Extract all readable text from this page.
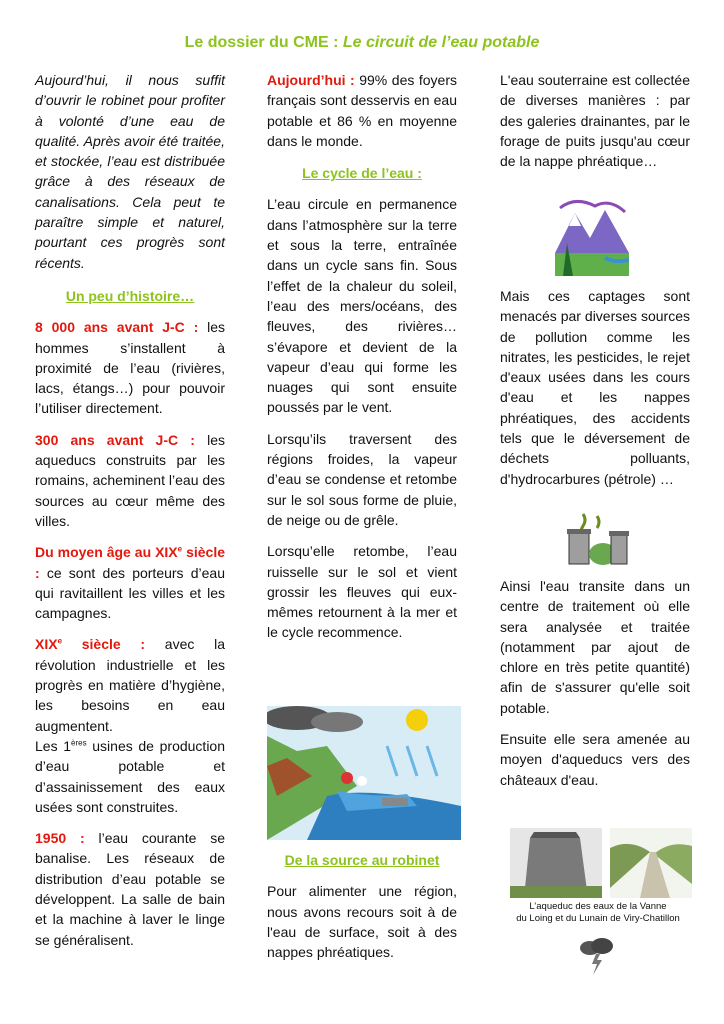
Le dossier du CME : Le circuit de l’eau potable

Aujourd’hui, il nous suffit d’ouvrir le robinet pour profiter à volonté d’une eau de qualité. Après avoir été traitée, et stockée, l’eau est distribuée grâce à des réseaux de canalisations. Cela peut te paraître simple et naturel, pourtant ces progrès sont récents.

Un peu d’histoire…

8 000 ans avant J-C : les hommes s’installent à proximité de l’eau (rivières, lacs, étangs…) pour pouvoir l’utiliser directement.

300 ans avant J-C : les aqueducs construits par les romains, acheminent l’eau des sources au cœur même des villes.

Du moyen âge au XIXe siècle : ce sont des porteurs d’eau qui ravitaillent les villes et les campagnes.

XIXe siècle : avec la révolution industrielle et les progrès en matière d’hygiène, les besoins en eau augmentent.

Les 1ères usines de production d’eau potable et d’assainissement des eaux usées sont construites.

1950 : l’eau courante se banalise. Les réseaux de distribution d’eau potable se développent. La salle de bain et la machine à laver le linge se généralisent.

Aujourd’hui : 99% des foyers français sont desservis en eau potable et 86 % en moyenne dans le monde.

Le cycle de l’eau :

L’eau circule en permanence dans l’atmosphère sur la terre et sous la terre, entraînée dans un cycle sans fin. Sous l’effet de la chaleur du soleil, l’eau des mers/océans, des fleuves, des rivières… s’évapore et devient de la vapeur d’eau qui forme les nuages qui sont ensuite poussés par le vent.

Lorsqu’ils traversent des régions froides, la vapeur d’eau se condense et retombe sur le sol sous forme de pluie, de neige ou de grêle.

Lorsqu’elle retombe, l’eau ruisselle sur le sol et vient grossir les fleuves qui eux-mêmes retournent à la mer et le cycle recommence.

De la source au robinet

Pour alimenter une région, nous avons recours soit à de l'eau de surface, soit à des nappes phréatiques.

L'eau souterraine est collectée de diverses manières : par des galeries drainantes, par le forage de puits jusqu'au cœur de la nappe phréatique…

Mais ces captages sont menacés par diverses sources de pollution comme les nitrates, les pesticides, le rejet d'eaux usées dans les cours d'eau et les nappes phréatiques, des accidents tels que le déversement de déchets polluants, d'hydrocarbures (pétrole) …

Ainsi l'eau transite dans un centre de traitement où elle sera analysée et traitée (notamment par ajout de chlore en très petite quantité) afin de s'assurer qu'elle soit potable.

Ensuite elle sera amenée au moyen d'aqueducs vers des châteaux d'eau.

L’aqueduc des eaux de la Vanne
du Loing et du Lunain de Viry-Chatillon
